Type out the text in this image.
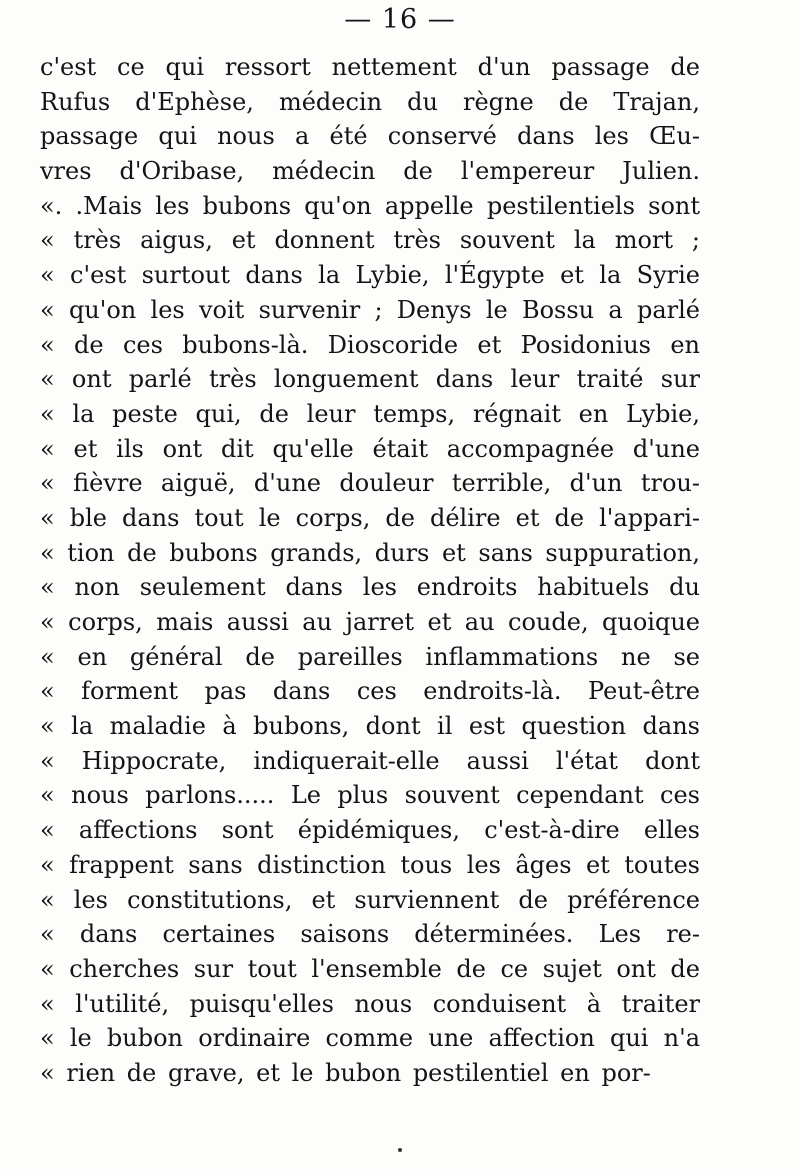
— 16 —
c'est ce qui ressort nettement d'un passage de
Rufus d'Ephèse, médecin du règne de Trajan,
passage qui nous a été conservé dans les Œu-
vres d'Oribase, médecin de l'empereur Julien.
«. .Mais les bubons qu'on appelle pestilentiels sont
« très aigus, et donnent très souvent la mort ;
« c'est surtout dans la Lybie, l'Égypte et la Syrie
« qu'on les voit survenir ; Denys le Bossu a parlé
« de ces bubons-là. Dioscoride et Posidonius en
« ont parlé très longuement dans leur traité sur
« la peste qui, de leur temps, régnait en Lybie,
« et ils ont dit qu'elle était accompagnée d'une
« fièvre aiguë, d'une douleur terrible, d'un trou-
« ble dans tout le corps, de délire et de l'appari-
« tion de bubons grands, durs et sans suppuration,
« non seulement dans les endroits habituels du
« corps, mais aussi au jarret et au coude, quoique
« en général de pareilles inflammations ne se
« forment pas dans ces endroits-là. Peut-être
« la maladie à bubons, dont il est question dans
« Hippocrate, indiquerait-elle aussi l'état dont
« nous parlons..... Le plus souvent cependant ces
« affections sont épidémiques, c'est-à-dire elles
« frappent sans distinction tous les âges et toutes
« les constitutions, et surviennent de préférence
« dans certaines saisons déterminées. Les re-
« cherches sur tout l'ensemble de ce sujet ont de
« l'utilité, puisqu'elles nous conduisent à traiter
« le bubon ordinaire comme une affection qui n'a
« rien de grave, et le bubon pestilentiel en por-
